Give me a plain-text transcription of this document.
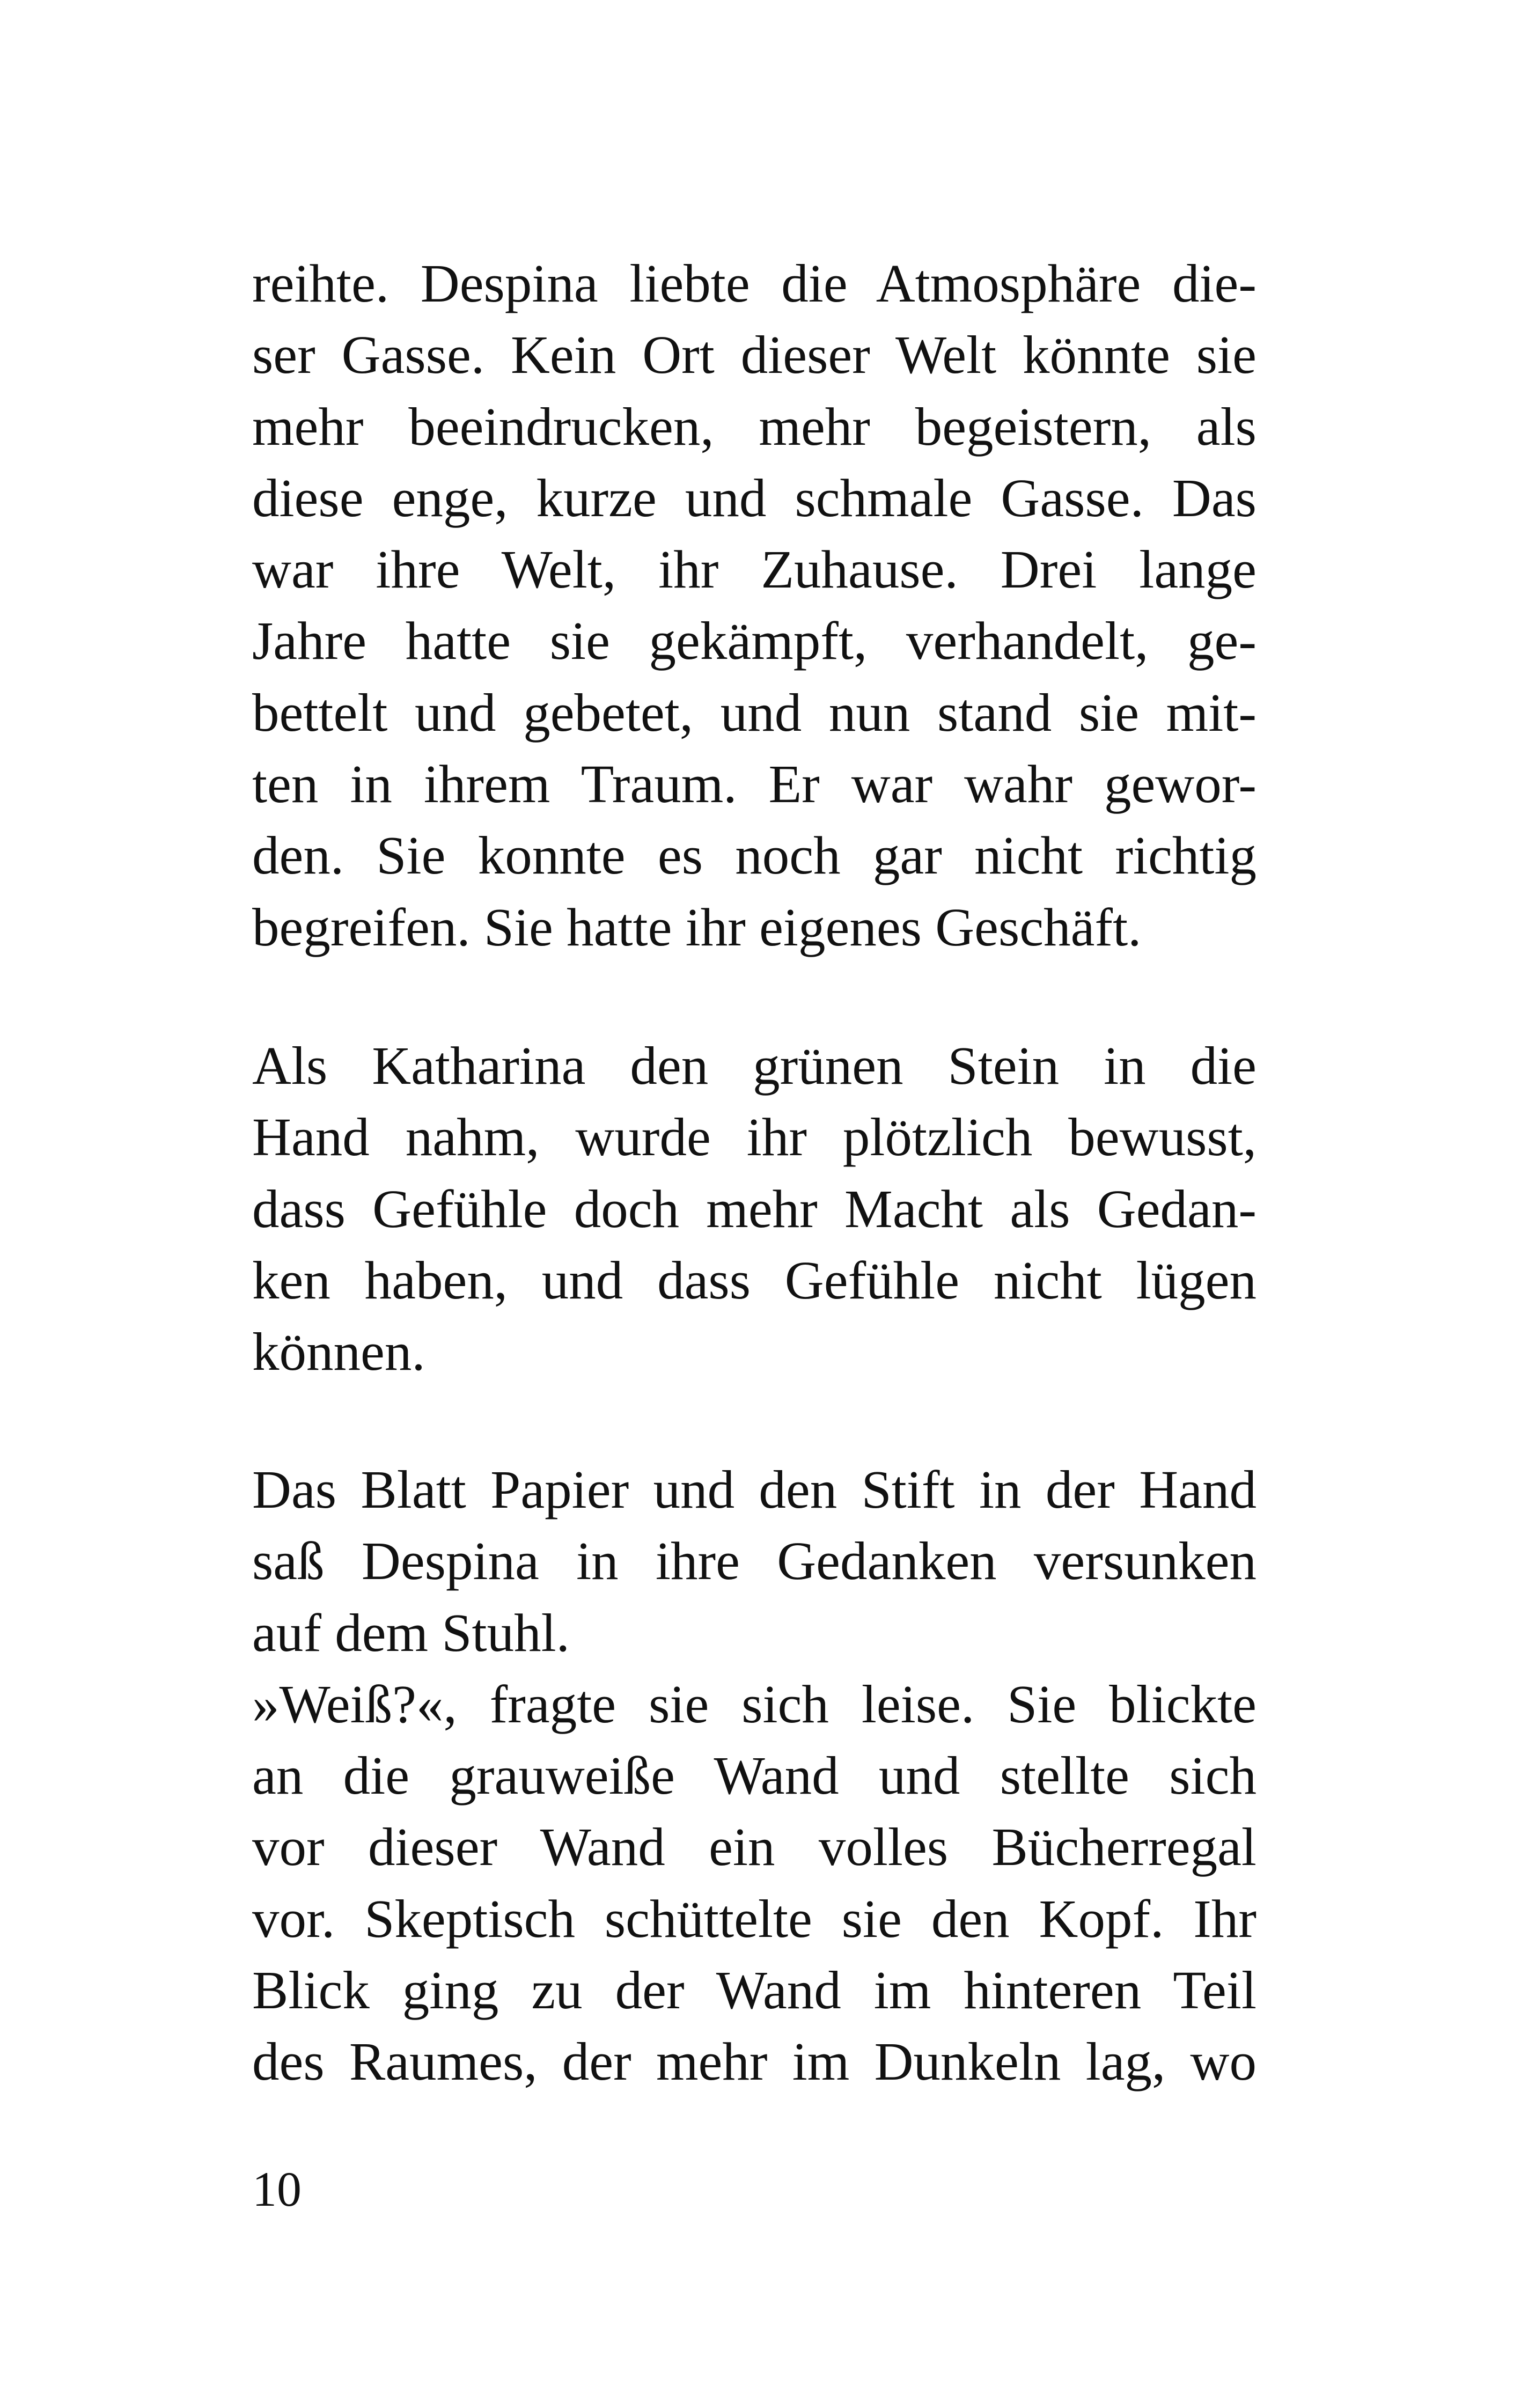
reihte. Despina liebte die Atmosphäre die-
ser Gasse. Kein Ort dieser Welt könnte sie
mehr beeindrucken, mehr begeistern, als
diese enge, kurze und schmale Gasse. Das
war ihre Welt, ihr Zuhause. Drei lange
Jahre hatte sie gekämpft, verhandelt, ge-
bettelt und gebetet, und nun stand sie mit-
ten in ihrem Traum. Er war wahr gewor-
den. Sie konnte es noch gar nicht richtig
begreifen. Sie hatte ihr eigenes Geschäft.
Als Katharina den grünen Stein in die
Hand nahm, wurde ihr plötzlich bewusst,
dass Gefühle doch mehr Macht als Gedan-
ken haben, und dass Gefühle nicht lügen
können.
Das Blatt Papier und den Stift in der Hand
saß Despina in ihre Gedanken versunken
auf dem Stuhl.
»Weiß?«, fragte sie sich leise. Sie blickte
an die grauweiße Wand und stellte sich
vor dieser Wand ein volles Bücherregal
vor. Skeptisch schüttelte sie den Kopf. Ihr
Blick ging zu der Wand im hinteren Teil
des Raumes, der mehr im Dunkeln lag, wo
10
